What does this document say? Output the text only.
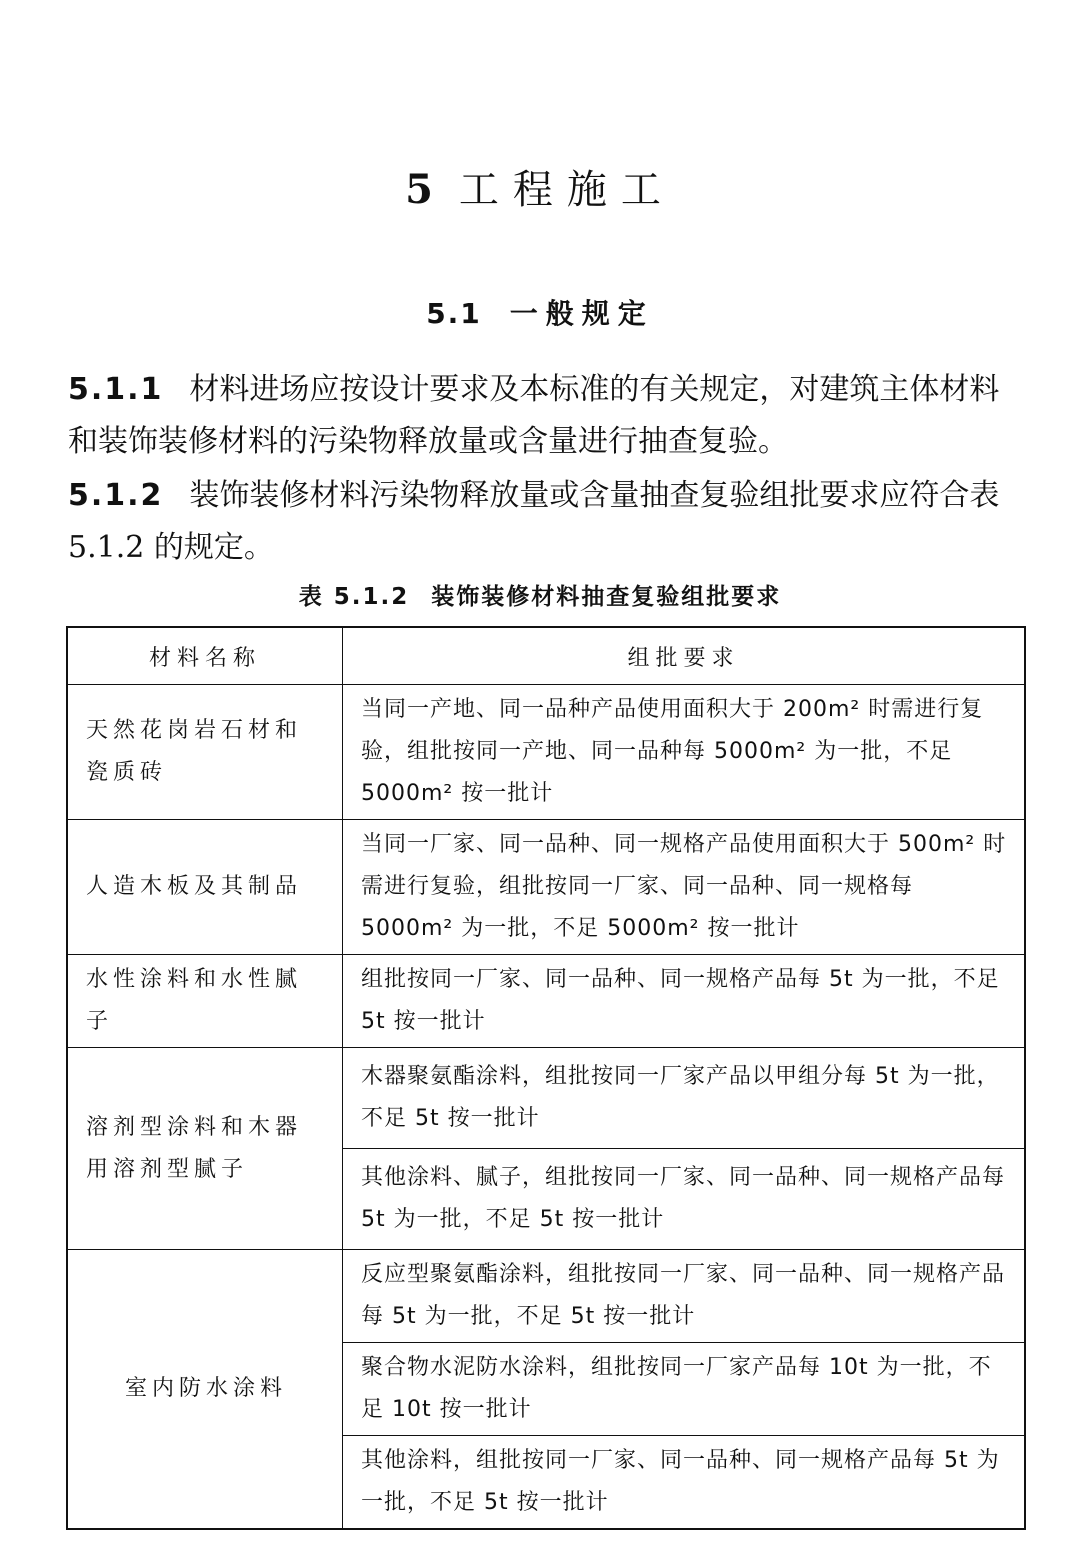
5 工程施工
5.1 一般规定
5.1.1 材料进场应按设计要求及本标准的有关规定，对建筑主体材料和装饰装修材料的污染物释放量或含量进行抽查复验。
5.1.2 装饰装修材料污染物释放量或含量抽查复验组批要求应符合表 5.1.2 的规定。
表 5.1.2 装饰装修材料抽查复验组批要求
材料名称	组批要求
天然花岗岩石材和瓷质砖	当同一产地、同一品种产品使用面积大于 200m² 时需进行复验，组批按同一产地、同一品种每 5000m² 为一批，不足 5000m² 按一批计
人造木板及其制品	当同一厂家、同一品种、同一规格产品使用面积大于 500m² 时需进行复验，组批按同一厂家、同一品种、同一规格每 5000m² 为一批，不足 5000m² 按一批计
水性涂料和水性腻子	组批按同一厂家、同一品种、同一规格产品每 5t 为一批，不足 5t 按一批计
溶剂型涂料和木器用溶剂型腻子	木器聚氨酯涂料，组批按同一厂家产品以甲组分每 5t 为一批，不足 5t 按一批计
	其他涂料、腻子，组批按同一厂家、同一品种、同一规格产品每 5t 为一批，不足 5t 按一批计
室内防水涂料	反应型聚氨酯涂料，组批按同一厂家、同一品种、同一规格产品每 5t 为一批，不足 5t 按一批计
	聚合物水泥防水涂料，组批按同一厂家产品每 10t 为一批，不足 10t 按一批计
	其他涂料，组批按同一厂家、同一品种、同一规格产品每 5t 为一批，不足 5t 按一批计
